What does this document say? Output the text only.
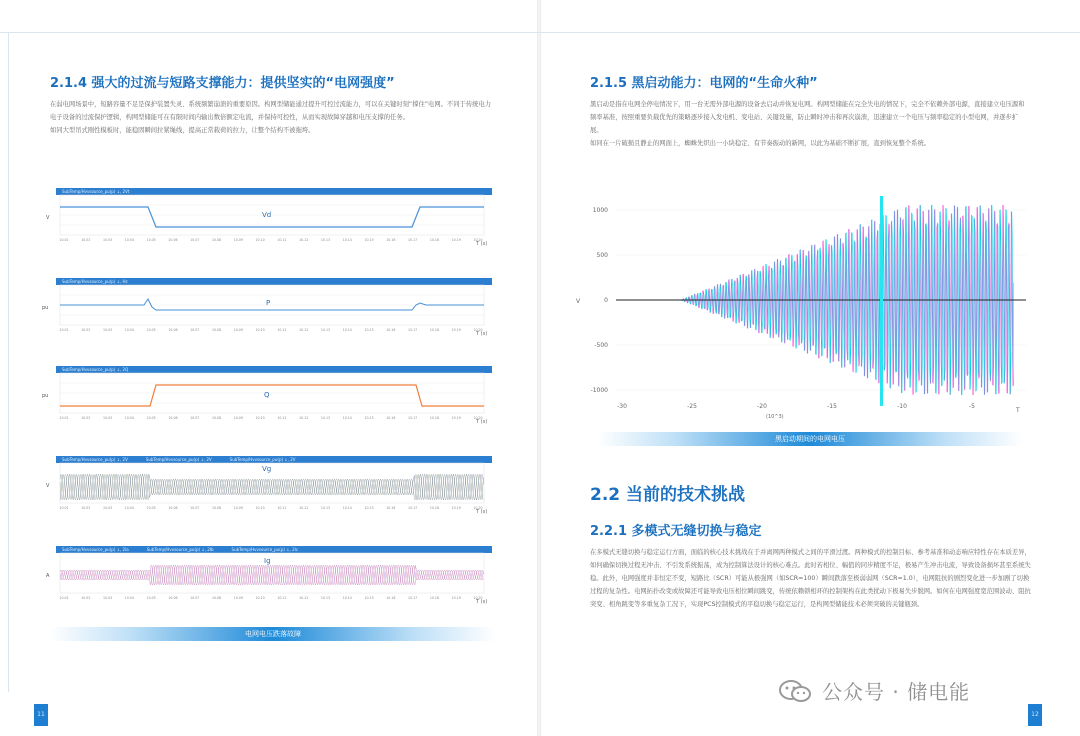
2.1.4 强大的过流与短路支撑能力：提供坚实的“电网强度”

在弱电网场景中，短路容量不足是保护装置失灵、系统频繁崩溃的重要原因。构网型储能通过提升可控过流能力，可以在关键时刻“撑住”电网。不同于传统电力电子设备的过流保护逻辑，构网型储能可在有限时间内输出数倍额定电流，并保持可控性，从而实现故障穿越和电压支撑的任务。

如同大型吊式刚性模板时，能稳固瞬间拉紧绳线，提高正常载荷的拉力，让整个结构不被拖垮。

SubTemp/Hvvsource_pu(p) ↓, 2Vt
V	Vd
10.01	10.02	10.03	10.04	10.05	10.06	10.07	10.08	10.09	10.10	10.11	10.12	10.13	10.14	10.15	10.16	10.17	10.18	10.19	10.20
T (s)
SubTemp/Hvvsource_pu(p) ↓, Hz
pu
P
10.01	10.02	10.03	10.04	10.05	10.06	10.07	10.08	10.09	10.10	10.11	10.12	10.13	10.14	10.15	10.16	10.17	10.18	10.19	10.20
T (s)
SubTemp/Hvvsource_pu(p) ↓, 2Q
pu	Q
10.01	10.02	10.03	10.04	10.05	10.06	10.07	10.08	10.09	10.10	10.11	10.12	10.13	10.14	10.15	10.16	10.17	10.18	10.19	10.20
T (s)
SubTemp/Hvvsource_pu(p) ↓, 2V	SubTemp/Hvvsource_pu(p) ↓, 2V	SubTemp/Hvvsource_pu(p) ↓, 2V
V
Vg
10.01	10.02	10.03	10.04	10.05	10.06	10.07	10.08	10.09	10.10	10.11	10.12	10.13	10.14	10.15	10.16	10.17	10.18	10.19	10.20
T (s)
SubTemp/Hvvsource_pu(p) ↓, 2Ia	SubTemp/Hvvsource_pu(p) ↓, 2Ib	SubTemp/Hvvsource_pu(p) ↓, 2Ic
A
Ig
10.01	10.02	10.03	10.04	10.05	10.06	10.07	10.08	10.09	10.10	10.11	10.12	10.13	10.14	10.15	10.16	10.17	10.18	10.19	10.20
T (s)
电网电压跌落故障
11
2.1.5 黑启动能力：电网的“生命火种”

黑启动是指在电网全停电情况下，用一台无需外部电源的设备去启动并恢复电网。构网型储能在完全失电的情况下，完全不依赖外部电源，直接建立电压源和频率基准，按照重要负载优先的策略逐步接入发电机、变电站、关键设施，防止瞬时冲击和再次崩溃，迅速建立一个电压与频率稳定的小型电网，并逐步扩展。

如同在一片破损且静止的网面上，蜘蛛先织出一小块稳定、有节奏振动的新网，以此为基础不断扩展，直到恢复整个系统。

1000
500
0
-500
-1000
-30	-25	-20	-15	-10	-5
V
T
(10^3)
黑启动期间的电网电压
2.2 当前的技术挑战
2.2.1 多模式无缝切换与稳定

在多模式无缝切换与稳定运行方面，面临的核心技术挑战在于并离网两种模式之间的平滑过渡。两种模式的控制目标、参考基准和动态响应特性存在本质差异，如何确保切换过程无冲击、不引发系统振荡，成为控制算法设计的核心难点。此时若相位、幅值的同步精度不足，极易产生冲击电流，导致设备损坏甚至系统失稳。此外，电网强度并非恒定不变，短路比（SCR）可能从极强网（如SCR=100）瞬间跌落至极弱弱网（SCR=1.0），电网阻抗的剧烈变化进一步加剧了切换过程的复杂性。电网拓扑改变或故障还可能导致电压相位瞬间跳变，传统依赖锁相环的控制架构在此类扰动下极易失步脱网。如何在电网强度宽范围波动、阻抗突变、相角跳变等多重复杂工况下，实现PCS控制模式的平稳切换与稳定运行，是构网型储能技术必须突破的关键瓶颈。

12
公众号 · 储电能
